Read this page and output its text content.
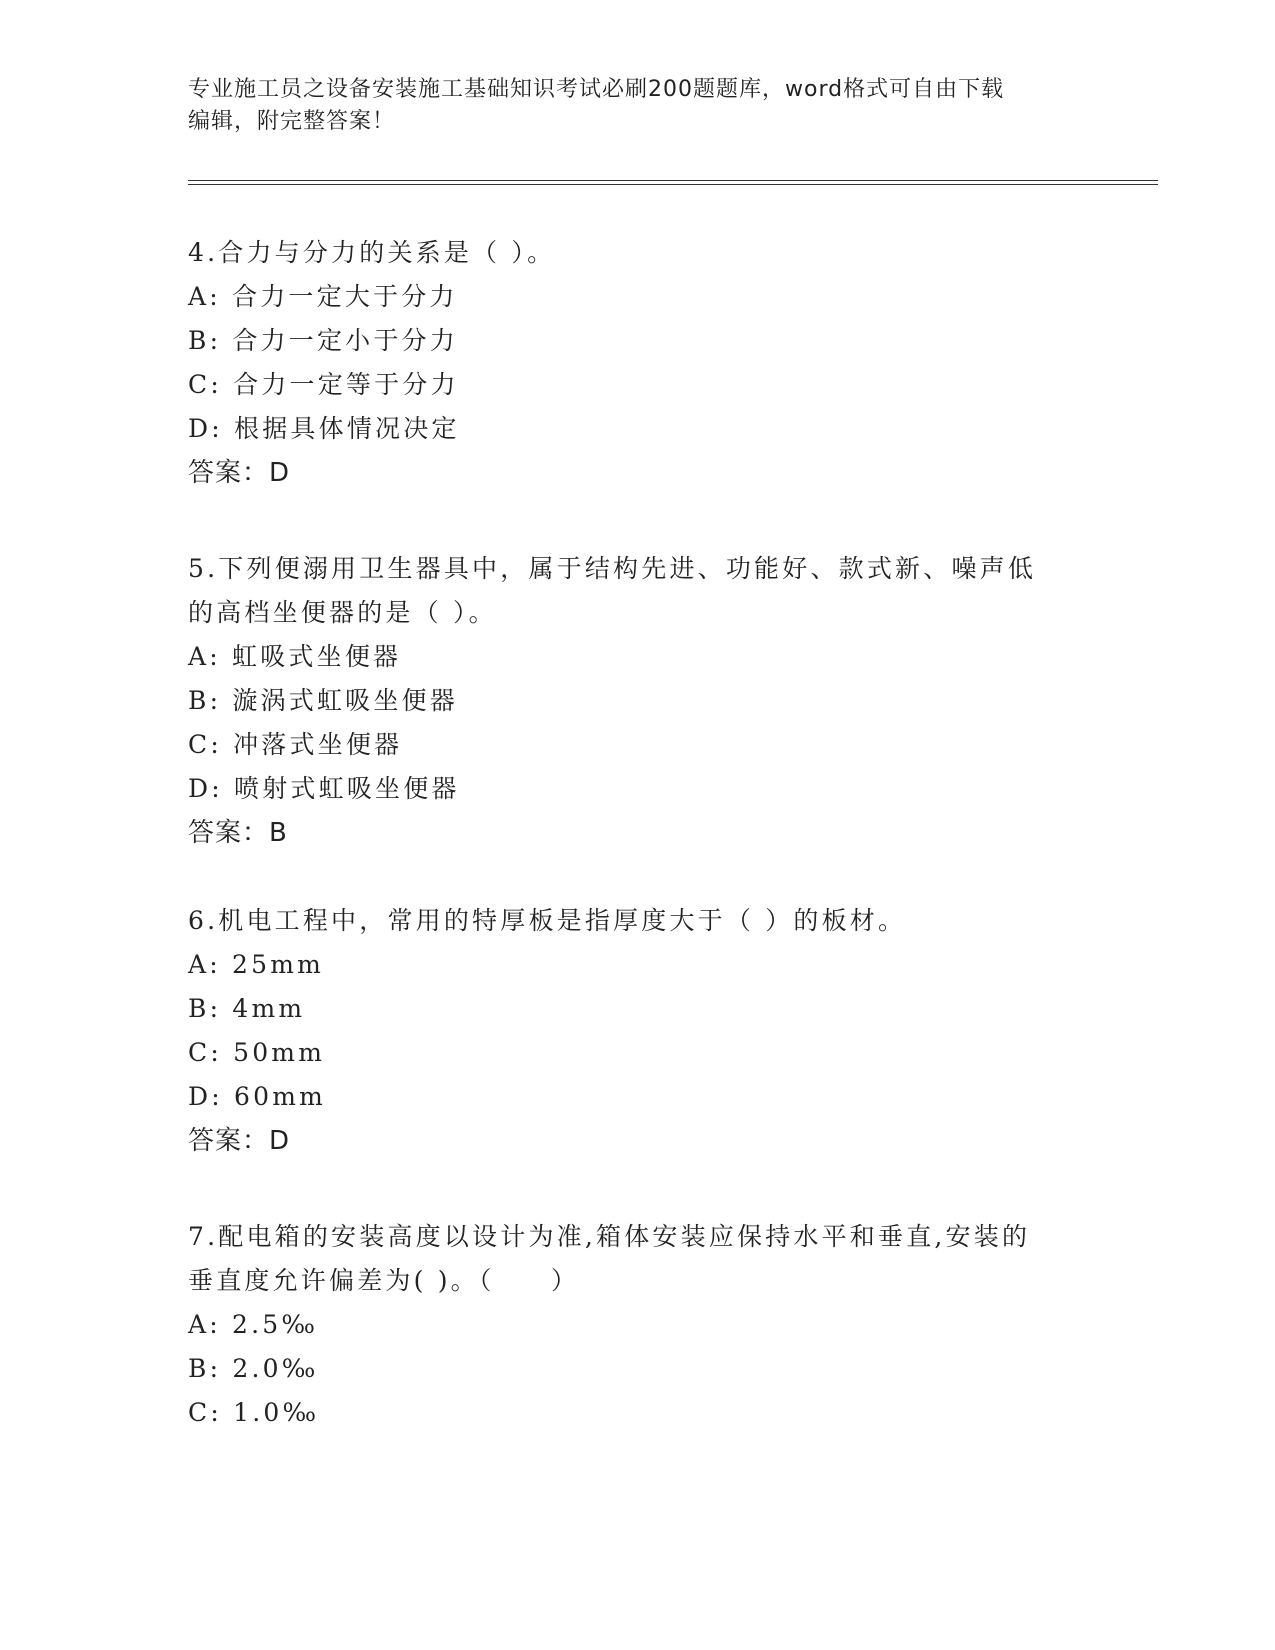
专业施工员之设备安装施工基础知识考试必刷200题题库，word格式可自由下载
编辑，附完整答案！
4.合力与分力的关系是（ ）。
A: 合力一定大于分力
B: 合力一定小于分力
C: 合力一定等于分力
D: 根据具体情况决定
答案：D
5.下列便溺用卫生器具中，属于结构先进、功能好、款式新、噪声低
的高档坐便器的是（ ）。
A: 虹吸式坐便器
B: 漩涡式虹吸坐便器
C: 冲落式坐便器
D: 喷射式虹吸坐便器
答案：B
6.机电工程中，常用的特厚板是指厚度大于（ ）的板材。
A: 25mm
B: 4mm
C: 50mm
D: 60mm
答案：D
7.配电箱的安装高度以设计为准,箱体安装应保持水平和垂直,安装的
垂直度允许偏差为( )。（　　）
A: 2.5‰
B: 2.0‰
C: 1.0‰
